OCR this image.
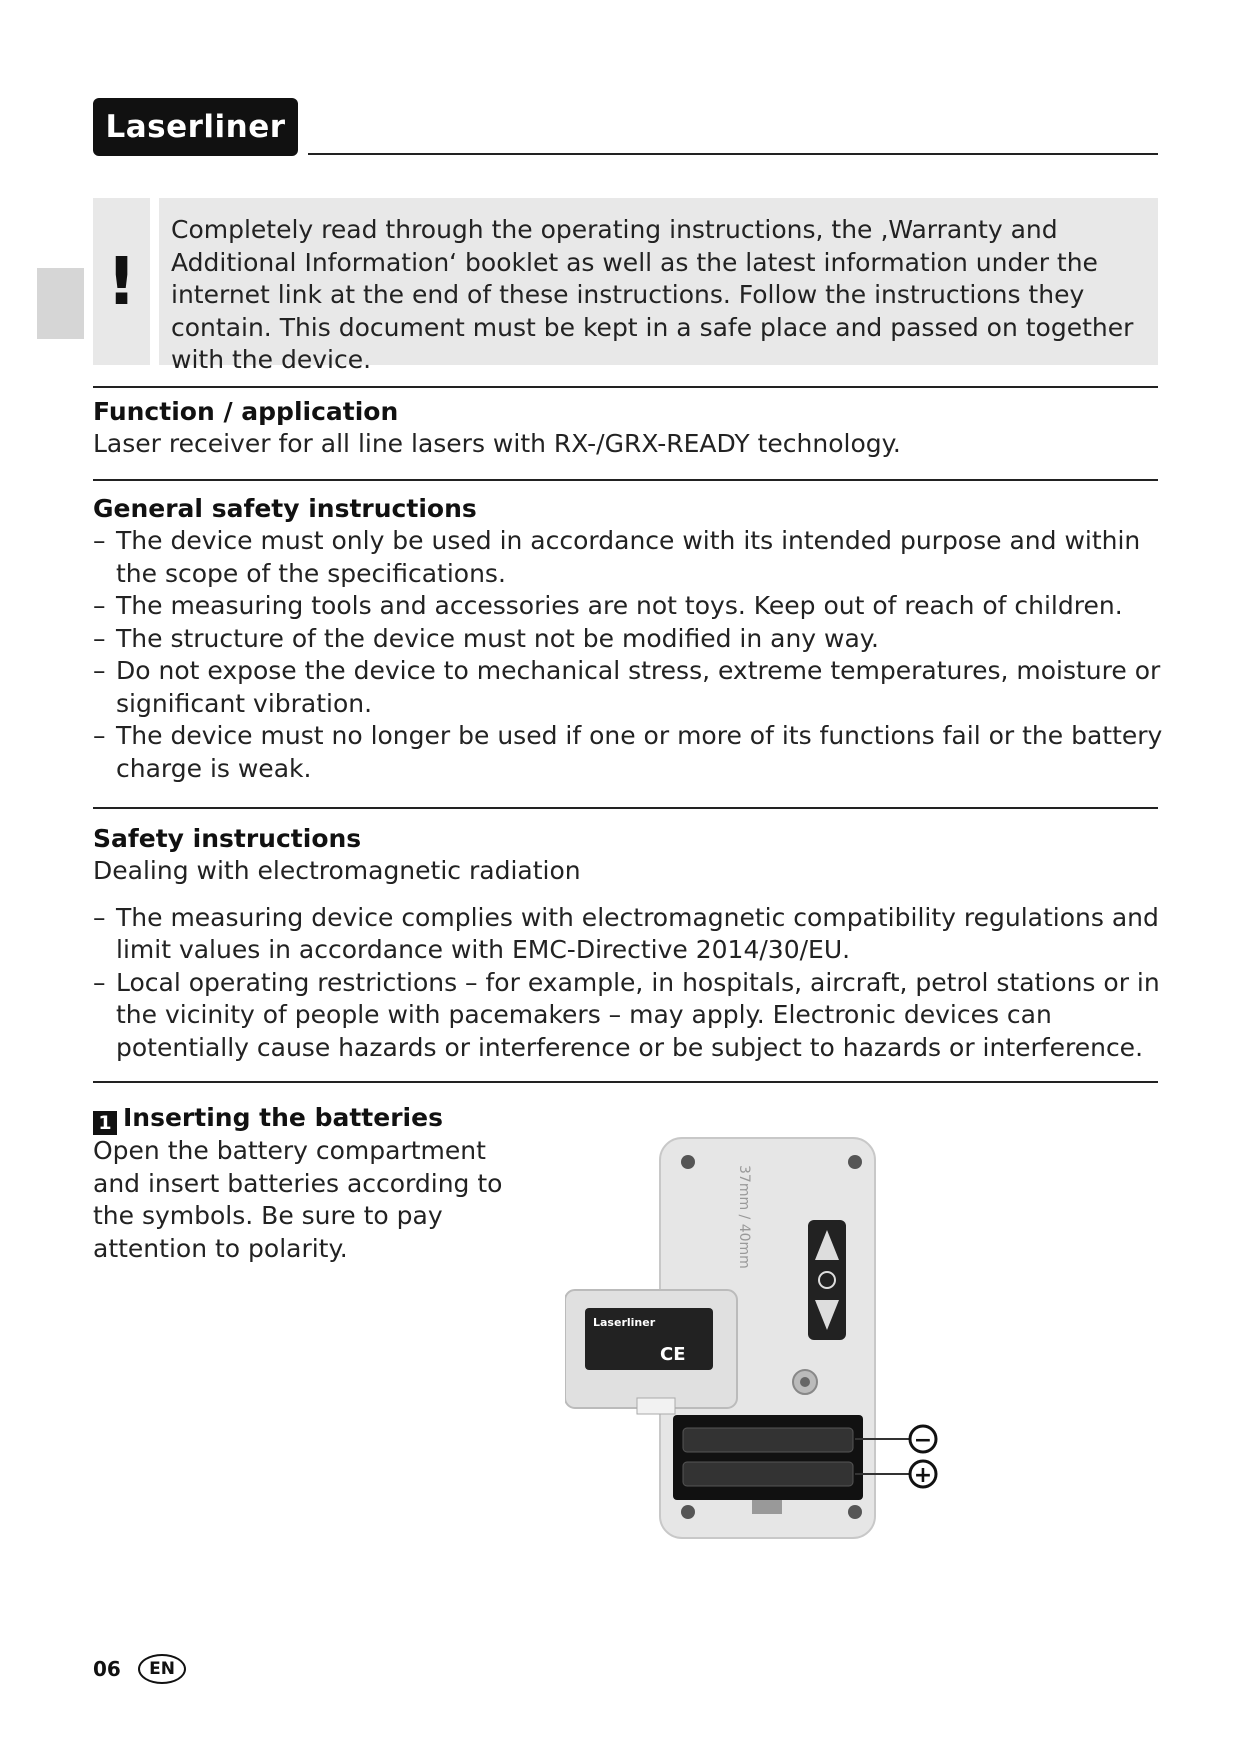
Laserliner
!
Completely read through the operating instructions, the ‚Warranty and Additional Information‘ booklet as well as the latest information under the internet link at the end of these instructions. Follow the instructions they contain. This document must be kept in a safe place and passed on together with the device.
Function / application
Laser receiver for all line lasers with RX-/GRX-READY technology.
General safety instructions
– The device must only be used in accordance with its intended purpose and within the scope of the specifications.
– The measuring tools and accessories are not toys. Keep out of reach of children.
– The structure of the device must not be modified in any way.
– Do not expose the device to mechanical stress, extreme temperatures, moisture or significant vibration.
– The device must no longer be used if one or more of its functions fail or the battery charge is weak.
Safety instructions
Dealing with electromagnetic radiation
– The measuring device complies with electromagnetic compatibility regulations and limit values in accordance with EMC-Directive 2014/30/EU.
– Local operating restrictions – for example, in hospitals, aircraft, petrol stations or in the vicinity of people with pacemakers – may apply. Electronic devices can potentially cause hazards or interference or be subject to hazards or interference.
1 Inserting the batteries
Open the battery compartment and insert batteries according to the symbols. Be sure to pay attention to polarity.	37mm / 40mm
Laserliner
CE
−
+
06	EN
